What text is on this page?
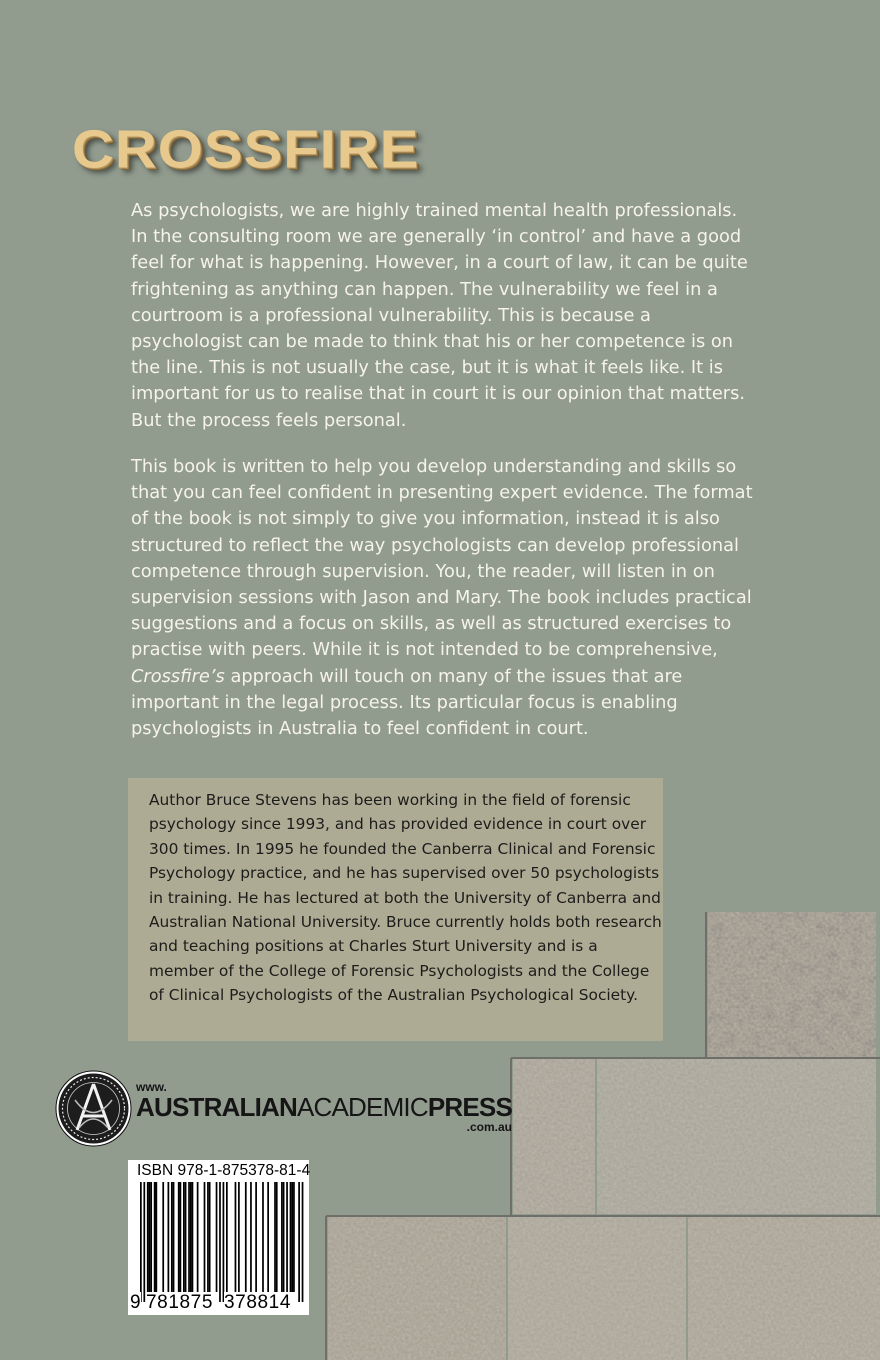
CROSSFIRE

As psychologists, we are highly trained mental health professionals. In the consulting room we are generally ‘in control’ and have a good feel for what is happening. However, in a court of law, it can be quite frightening as anything can happen. The vulnerability we feel in a courtroom is a professional vulnerability. This is because a psychologist can be made to think that his or her competence is on the line. This is not usually the case, but it is what it feels like. It is important for us to realise that in court it is our opinion that matters. But the process feels personal.

This book is written to help you develop understanding and skills so that you can feel confident in presenting expert evidence. The format of the book is not simply to give you information, instead it is also structured to reflect the way psychologists can develop professional competence through supervision. You, the reader, will listen in on supervision sessions with Jason and Mary. The book includes practical suggestions and a focus on skills, as well as structured exercises to practise with peers. While it is not intended to be comprehensive, Crossfire’s approach will touch on many of the issues that are important in the legal process. Its particular focus is enabling psychologists in Australia to feel confident in court.

Author Bruce Stevens has been working in the field of forensic psychology since 1993, and has provided evidence in court over 300 times. In 1995 he founded the Canberra Clinical and Forensic Psychology practice, and he has supervised over 50 psychologists in training. He has lectured at both the University of Canberra and Australian National University. Bruce currently holds both research and teaching positions at Charles Sturt University and is a member of the College of Forensic Psychologists and the College of Clinical Psychologists of the Australian Psychological Society.

www.
AUSTRALIANACADEMICPRESS
.com.au
ISBN 978-1-875378-81-4
9 781875 378814
